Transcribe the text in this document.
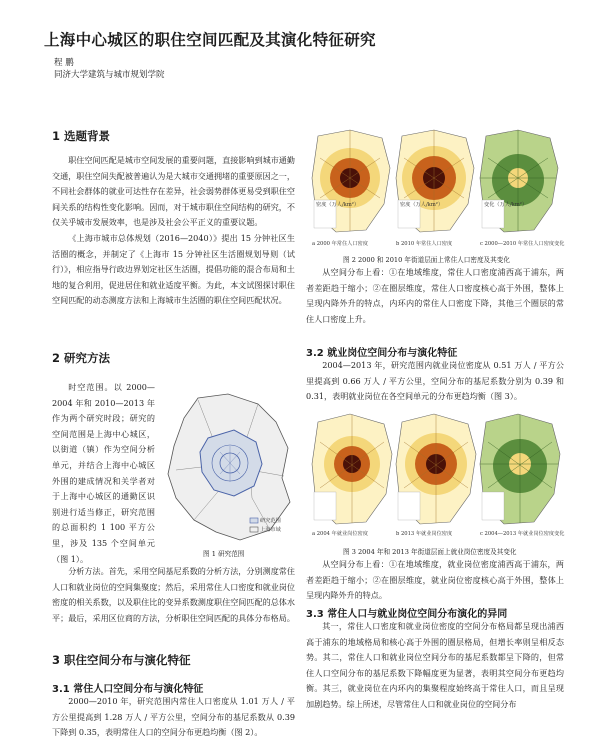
上海中心城区的职住空间匹配及其演化特征研究
程 鹏
同济大学建筑与城市规划学院
1 选题背景

职住空间匹配是城市空间发展的重要问题，直接影响到城市通勤交通，职住空间失配被普遍认为是大城市交通拥堵的重要原因之一，不同社会群体的就业可达性存在差异，社会弱势群体更易受到职住空间关系的结构性变化影响。因而，对于城市职住空间结构的研究，不仅关乎城市发展效率，也是涉及社会公平正义的重要议题。

《上海市城市总体规划（2016—2040）》提出 15 分钟社区生活圈的概念，并制定了《上海市 15 分钟社区生活圈规划导则（试行）》，相应指导行政边界划定社区生活圈，提倡功能的混合布局和土地的复合利用，促进居住和就业适度平衡。为此，本文试图探讨职住空间匹配的动态测度方法和上海城市生活圈的职住空间匹配状况。

2 研究方法

时空范围。以 2000—2004 年和 2010—2013 年作为两个研究时段；研究的空间范围是上海中心城区，以街道（镇）作为空间分析单元，并结合上海中心城区外围的建成情况和关学者对于上海中心城区的通勤区识别进行适当修正，研究范围的总面积约 1 100 平方公里，涉及 135 个空间单元（图 1）。

研究范围
上海市域
图 1 研究范围

分析方法。首先，采用空间基尼系数的分析方法，分别测度常住人口和就业岗位的空间集聚度；然后，采用常住人口密度和就业岗位密度的相关系数，以及职住比的变异系数测度职住空间匹配的总体水平；最后，采用区位商的方法，分析职住空间匹配的具体分布格局。

3 职住空间分布与演化特征
3.1 常住人口空间分布与演化特征

2000—2010 年，研究范围内常住人口密度从 1.01 万人 / 平方公里提高到 1.28 万人 / 平方公里，空间分布的基尼系数从 0.39 下降到 0.35，表明常住人口的空间分布更趋均衡（图 2）。

密度（万人/km²）	密度（万人/km²）	变化（万人/km²）
a 2000 年常住人口密度	b 2010 年常住人口密度	c 2000—2010 年常住人口密度变化
图 2 2000 和 2010 年街道层面上常住人口密度及其变化

从空间分布上看：①在地域维度，常住人口密度浦西高于浦东，两者差距趋于缩小；②在圈层维度，常住人口密度核心高于外围，整体上呈现内降外升的特点，内环内的常住人口密度下降，其他三个圈层的常住人口密度上升。

3.2 就业岗位空间分布与演化特征

2004—2013 年，研究范围内就业岗位密度从 0.51 万人 / 平方公里提高到 0.66 万人 / 平方公里，空间分布的基尼系数分别为 0.39 和 0.31，表明就业岗位在各空间单元的分布更趋均衡（图 3）。

a 2004 年就业岗位密度	b 2013 年就业岗位密度	c 2004—2013 年就业岗位密度变化
图 3 2004 年和 2013 年街道层面上就业岗位密度及其变化

从空间分布上看：①在地域维度，就业岗位密度浦西高于浦东，两者差距趋于缩小；②在圈层维度，就业岗位密度核心高于外围，整体上呈现内降外升的特点。

3.3 常住人口与就业岗位空间分布演化的异同

其一，常住人口密度和就业岗位密度的空间分布格局都呈现出浦西高于浦东的地域格局和核心高于外围的圈层格局，但增长率则呈相反态势。其二，常住人口和就业岗位空间分布的基尼系数都呈下降的，但常住人口空间分布的基尼系数下降幅度更为显著，表明其空间分布更趋均衡。其三，就业岗位在内环内的集聚程度始终高于常住人口，而且呈现加剧趋势。综上所述，尽管常住人口和就业岗位的空间分布
